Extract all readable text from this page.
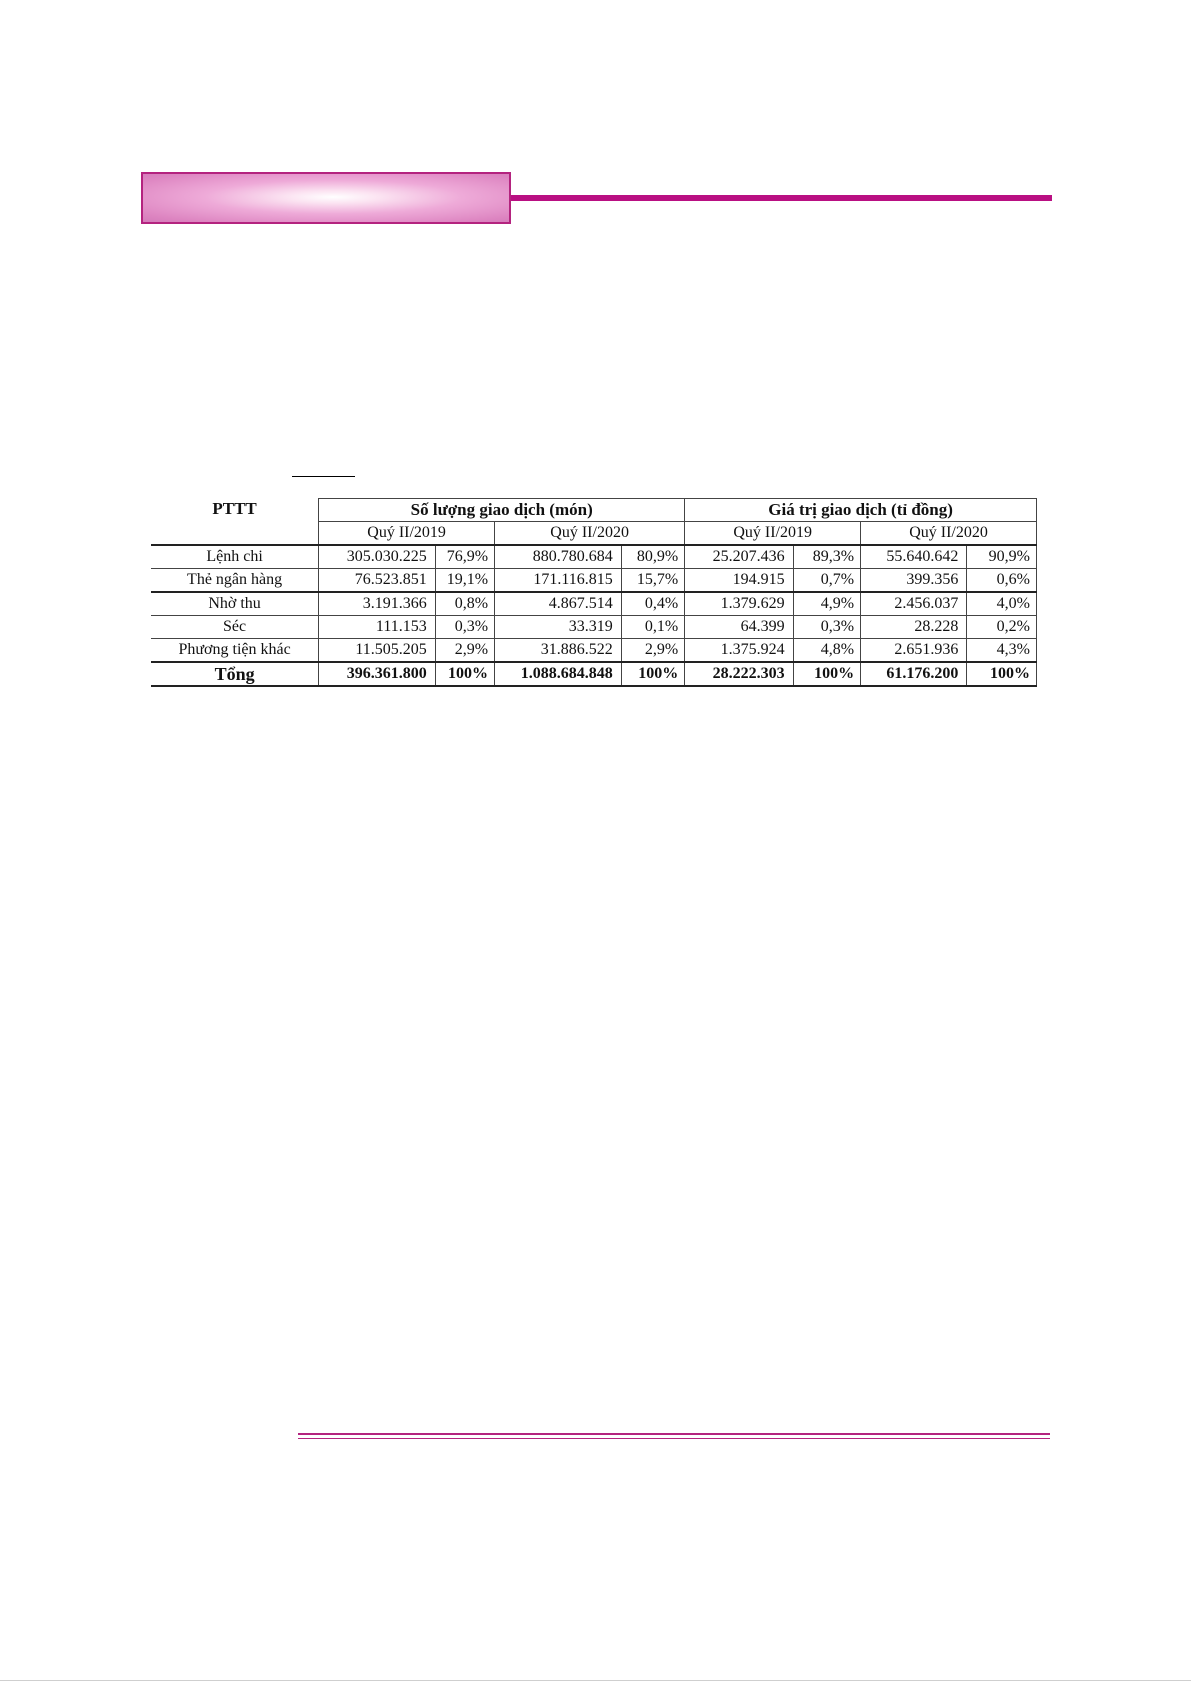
PTTT	Số lượng giao dịch (món)				Giá trị giao dịch (tỉ đồng)			
	Quý II/2019		Quý II/2020		Quý II/2019		Quý II/2020	
Lệnh chi	305.030.225	76,9%	880.780.684	80,9%	25.207.436	89,3%	55.640.642	90,9%
Thẻ ngân hàng	76.523.851	19,1%	171.116.815	15,7%	194.915	0,7%	399.356	0,6%
Nhờ thu	3.191.366	0,8%	4.867.514	0,4%	1.379.629	4,9%	2.456.037	4,0%
Séc	111.153	0,3%	33.319	0,1%	64.399	0,3%	28.228	0,2%
Phương tiện khác	11.505.205	2,9%	31.886.522	2,9%	1.375.924	4,8%	2.651.936	4,3%
Tổng	396.361.800	100%	1.088.684.848	100%	28.222.303	100%	61.176.200	100%
